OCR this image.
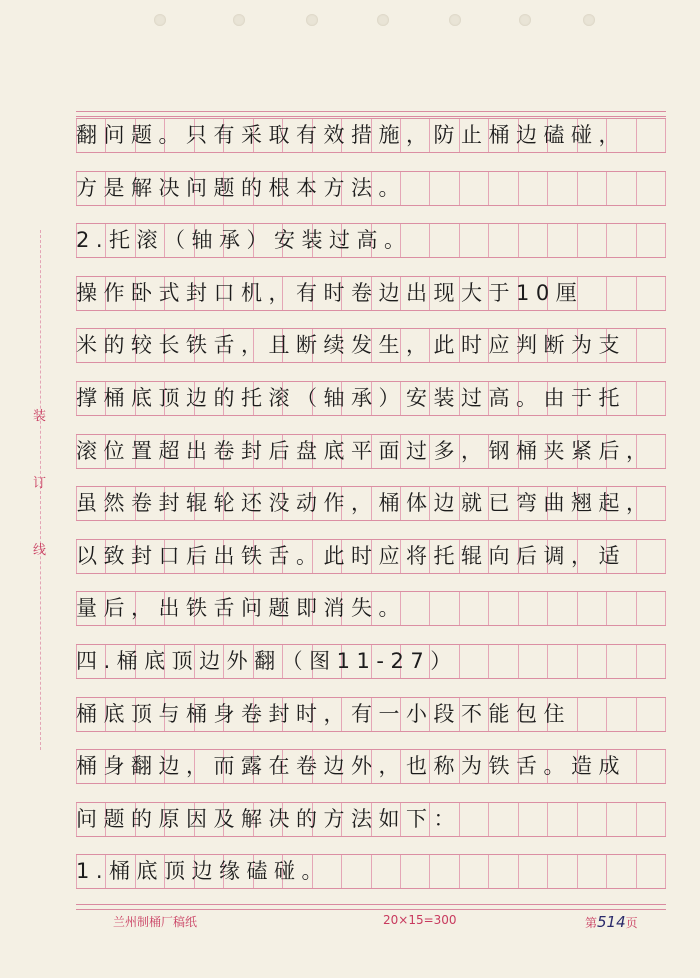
装
订
线
翻问题。只有采取有效措施，防止桶边磕碰，
方是解决问题的根本方法。
2.托滚（轴承）安装过高。
操作卧式封口机，有时卷边出现大于10厘
米的较长铁舌，且断续发生，此时应判断为支
撑桶底顶边的托滚（轴承）安装过高。由于托
滚位置超出卷封后盘底平面过多，钢桶夹紧后，
虽然卷封辊轮还没动作，桶体边就已弯曲翘起，
以致封口后出铁舌。此时应将托辊向后调，适
量后，出铁舌问题即消失。
四.桶底顶边外翻（图11-27）
桶底顶与桶身卷封时，有一小段不能包住
桶身翻边，而露在卷边外，也称为铁舌。造成
问题的原因及解决的方法如下：
1.桶底顶边缘磕碰。
兰州制桶厂稿纸	20×15=300	第514页
